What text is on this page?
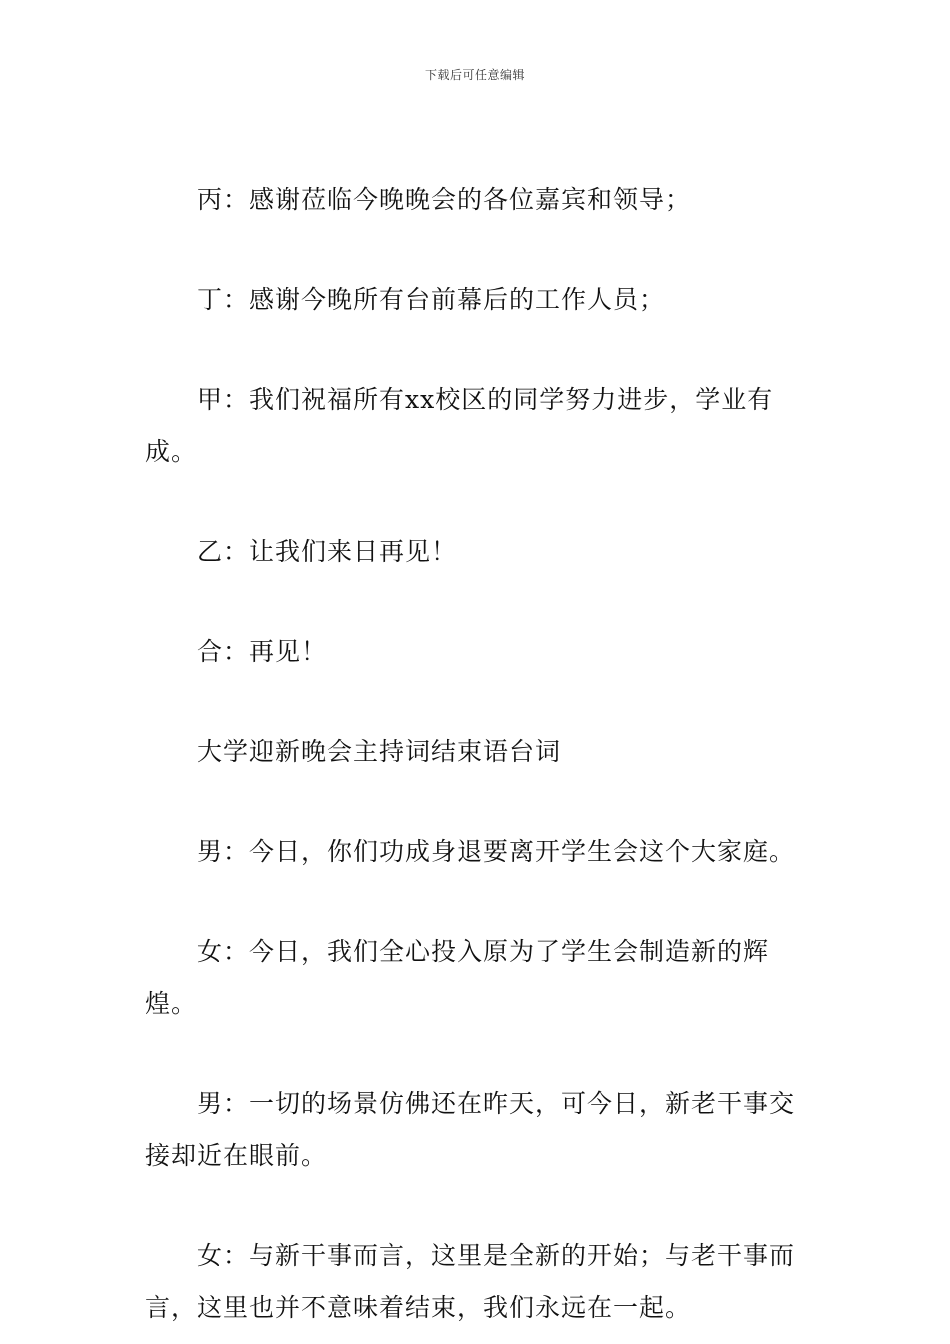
下载后可任意编辑

丙：感谢莅临今晚晚会的各位嘉宾和领导；

丁：感谢今晚所有台前幕后的工作人员；

甲：我们祝福所有xx校区的同学努力进步，学业有成。

乙：让我们来日再见！

合：再见！

大学迎新晚会主持词结束语台词

男：今日，你们功成身退要离开学生会这个大家庭。

女：今日，我们全心投入原为了学生会制造新的辉煌。

男：一切的场景仿佛还在昨天，可今日，新老干事交接却近在眼前。

女：与新干事而言，这里是全新的开始；与老干事而言，这里也并不意味着结束，我们永远在一起。
